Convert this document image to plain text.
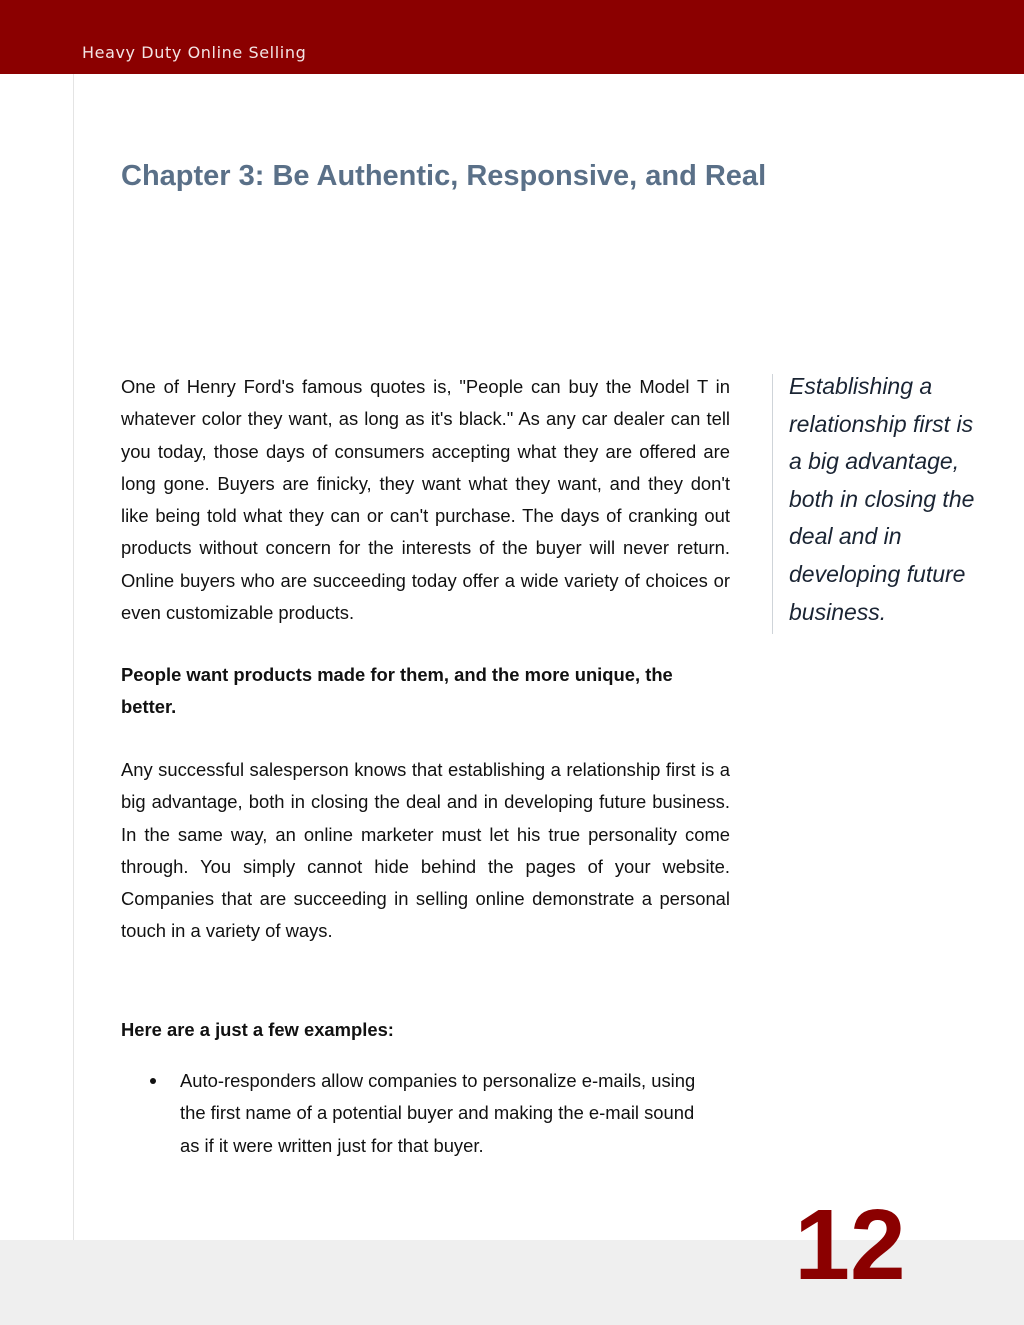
Heavy Duty Online Selling
Chapter 3: Be Authentic, Responsive, and Real

One of Henry Ford's famous quotes is, "People can buy the Model T in whatever color they want, as long as it's black." As any car dealer can tell you today, those days of consumers accepting what they are offered are long gone. Buyers are finicky, they want what they want, and they don't like being told what they can or can't purchase. The days of cranking out products without concern for the interests of the buyer will never return. Online buyers who are succeeding today offer a wide variety of choices or even customizable products.

People want products made for them, and the more unique, the better.

Any successful salesperson knows that establishing a relationship first is a big advantage, both in closing the deal and in developing future business. In the same way, an online marketer must let his true personality come through. You simply cannot hide behind the pages of your website. Companies that are succeeding in selling online demonstrate a personal touch in a variety of ways.

Here are a just a few examples:

Auto-responders allow companies to personalize e-mails, using the first name of a potential buyer and making the e-mail sound as if it were written just for that buyer.

Establishing a relationship first is a big advantage, both in closing the deal and in developing future business.

12
